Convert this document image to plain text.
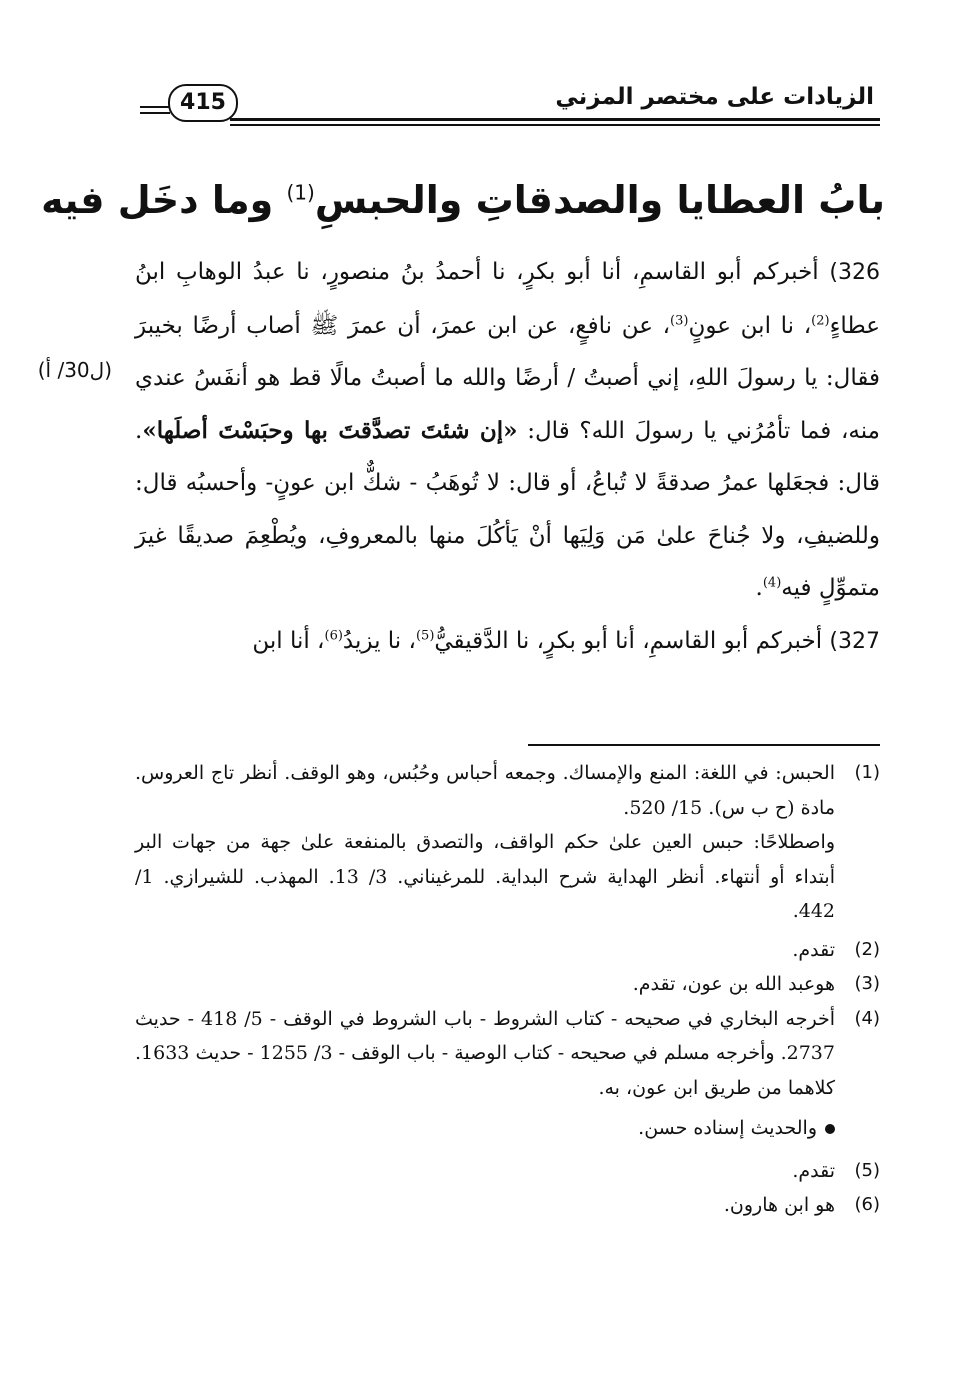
415	الزيادات على مختصر المزني
بابُ العطايا والصدقاتِ والحبسِ$^{(1)}$ وما دخَل فيه
(ل30/ أ)

326) أخبركم أبو القاسمِ، أنا أبو بكرٍ، نا أحمدُ بنُ منصورٍ، نا عبدُ الوهابِ ابنُ عطاءٍ$^{(2)}$، نا ابن عونٍ$^{(3)}$، عن نافعٍ، عن ابن عمرَ، أن عمرَ ﷺ أصاب أرضًا بخيبرَ فقال: يا رسولَ اللهِ، إني أصبتُ / أرضًا والله ما أصبتُ مالًا قط هو أنفَسُ عندي منه، فما تأمُرُني يا رسولَ الله؟ قال: «إن شئتَ تصدَّقتَ بها وحبَسْتَ أصلَها». قال: فجعَلها عمرُ صدقةً لا تُباعُ، أو قال: لا تُوهَبُ - شكٌّ ابن عونٍ- وأحسبُه قال: وللضيفِ، ولا جُناحَ علىٰ مَن وَلِيَها أنْ يَأكُلَ منها بالمعروفِ، ويُطْعِمَ صديقًا غيرَ متموِّلٍ فيه$^{(4)}$.

327) أخبركم أبو القاسمِ، أنا أبو بكرٍ، نا الدَّقيقيُّ$^{(5)}$، نا يزيدُ$^{(6)}$، أنا ابن

(1)
الحبس: في اللغة: المنع والإمساك. وجمعه أحباس وحُبُس، وهو الوقف. أنظر تاج العروس. مادة (ح ب س). 15/ 520.
واصطلاحًا: حبس العين علىٰ حكم الواقف، والتصدق بالمنفعة علىٰ جهة من جهات البر أبتداء أو أنتهاء. أنظر الهداية شرح البداية. للمرغيناني. 3/ 13. المهذب. للشيرازي. 1/ 442.
(2)
تقدم.
(3)
هوعبد الله بن عون، تقدم.
(4)
أخرجه البخاري في صحيحه - كتاب الشروط - باب الشروط في الوقف - 5/ 418 - حديث 2737. وأخرجه مسلم في صحيحه - كتاب الوصية - باب الوقف - 3/ 1255 - حديث 1633. كلاهما من طريق ابن عون، به.
والحديث إسناده حسن.
(5)
تقدم.
(6)
هو ابن هارون.
